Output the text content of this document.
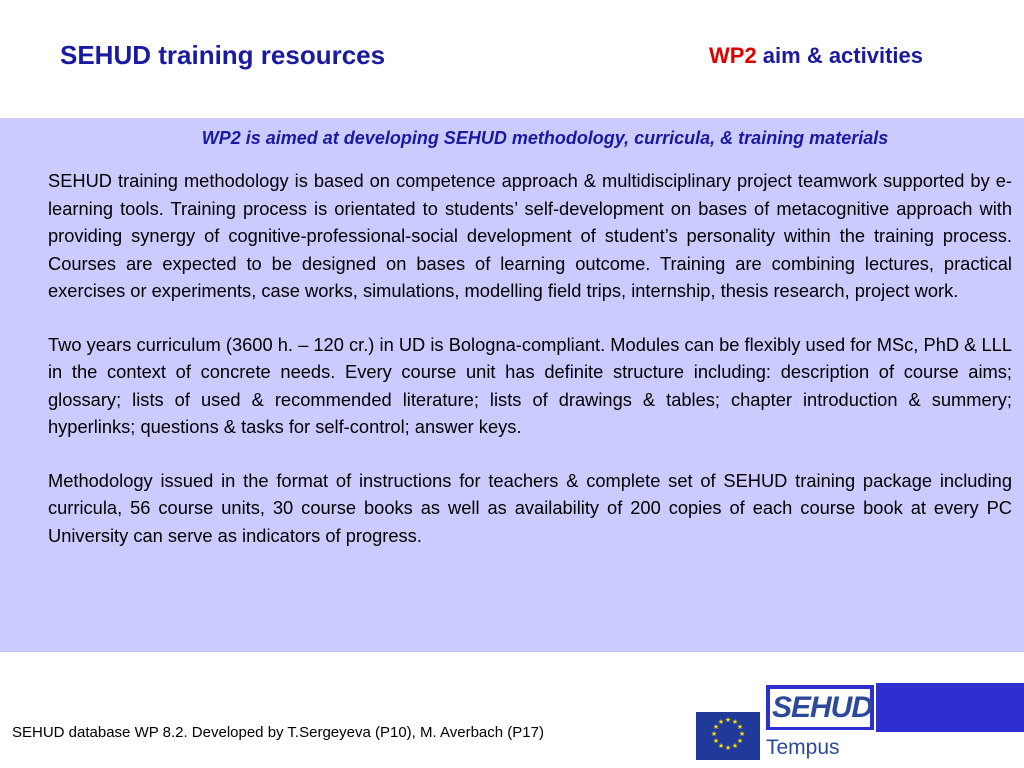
SEHUD training resources	WP2 aim & activities
WP2 is aimed at developing SEHUD methodology, curricula, & training materials

SEHUD training methodology is based on competence approach & multidisciplinary project teamwork supported by e-learning tools. Training process is orientated to students’ self-development on bases of metacognitive approach with providing synergy of cognitive-professional-social development of student’s personality within the training process. Courses are expected to be designed on bases of learning outcome. Training are combining lectures, practical exercises or experiments, case works, simulations, modelling field trips, internship, thesis research, project work.

Two years curriculum (3600 h. – 120 cr.) in UD is Bologna-compliant. Modules can be flexibly used for MSc, PhD & LLL in the context of concrete needs. Every course unit has definite structure including: description of course aims; glossary; lists of used & recommended literature; lists of drawings & tables; chapter introduction & summery; hyperlinks; questions & tasks for self-control; answer keys.

Methodology issued in the format of instructions for teachers & complete set of SEHUD training package including curricula, 56 course units, 30 course books as well as availability of 200 copies of each course book at every PC University can serve as indicators of progress.

SEHUD database WP 8.2. Developed by T.Sergeyeva (P10), M. Averbach (P17)
SEHUD
★ ★
★
★
★
★
★
★
★
★
★
★
Tempus
